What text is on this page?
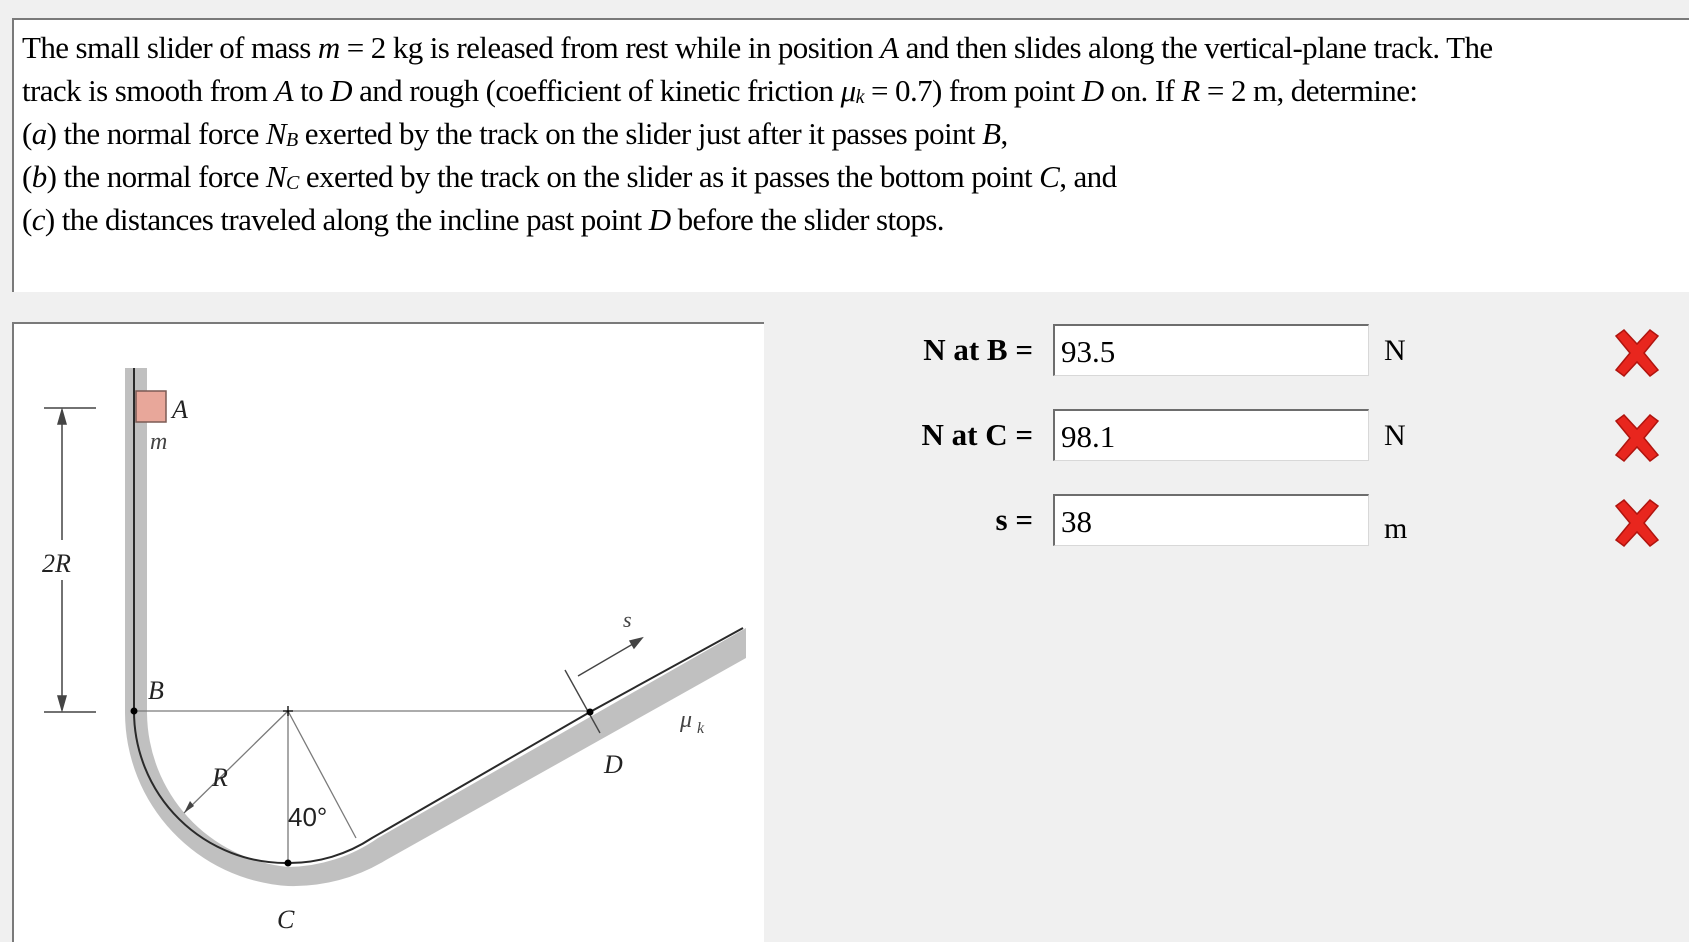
The small slider of mass m = 2 kg is released from rest while in position A and then slides along the vertical-plane track. The
track is smooth from A to D and rough (coefficient of kinetic friction $\mu_k = 0.7$) from point D on. If R = 2 m, determine:
(a) the normal force $N_B$ exerted by the track on the slider just after it passes point B,
(b) the normal force $N_C$ exerted by the track on the slider as it passes the bottom point C, and
(c) the distances traveled along the incline past point D before the slider stops.
A
m
2R
B
R
40°
C
D
s
μ k
N at B =
93.5	N
N at C =
98.1	N
s =
38	m
